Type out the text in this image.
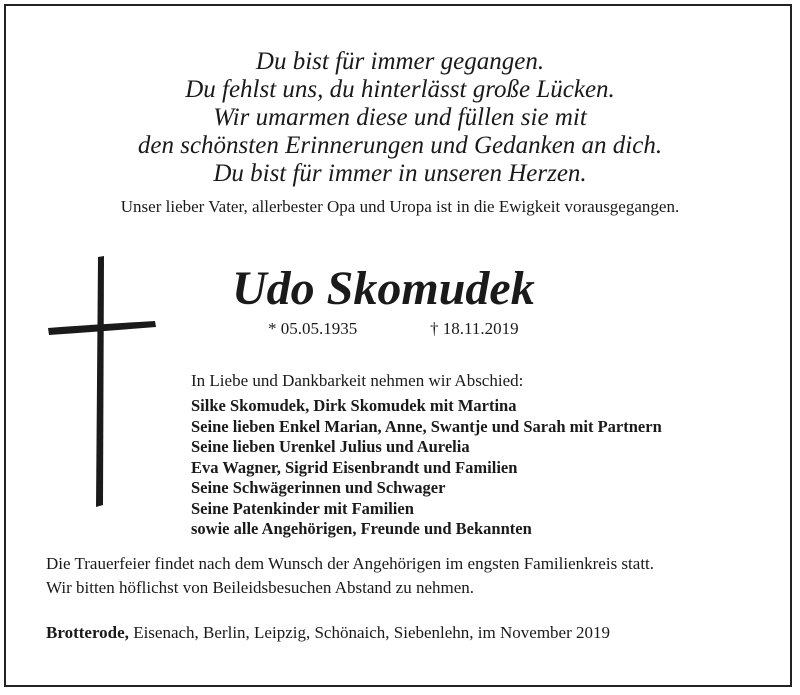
Du bist für immer gegangen.
Du fehlst uns, du hinterlässt große Lücken.
Wir umarmen diese und füllen sie mit
den schönsten Erinnerungen und Gedanken an dich.
Du bist für immer in unseren Herzen.
Unser lieber Vater, allerbester Opa und Uropa ist in die Ewigkeit vorausgegangen.
Udo Skomudek
* 05.05.1935	† 18.11.2019
In Liebe und Dankbarkeit nehmen wir Abschied:
Silke Skomudek, Dirk Skomudek mit Martina
Seine lieben Enkel Marian, Anne, Swantje und Sarah mit Partnern
Seine lieben Urenkel Julius und Aurelia
Eva Wagner, Sigrid Eisenbrandt und Familien
Seine Schwägerinnen und Schwager
Seine Patenkinder mit Familien
sowie alle Angehörigen, Freunde und Bekannten
Die Trauerfeier findet nach dem Wunsch der Angehörigen im engsten Familienkreis statt.
Wir bitten höflichst von Beileidsbesuchen Abstand zu nehmen.
Brotterode, Eisenach, Berlin, Leipzig, Schönaich, Siebenlehn, im November 2019
